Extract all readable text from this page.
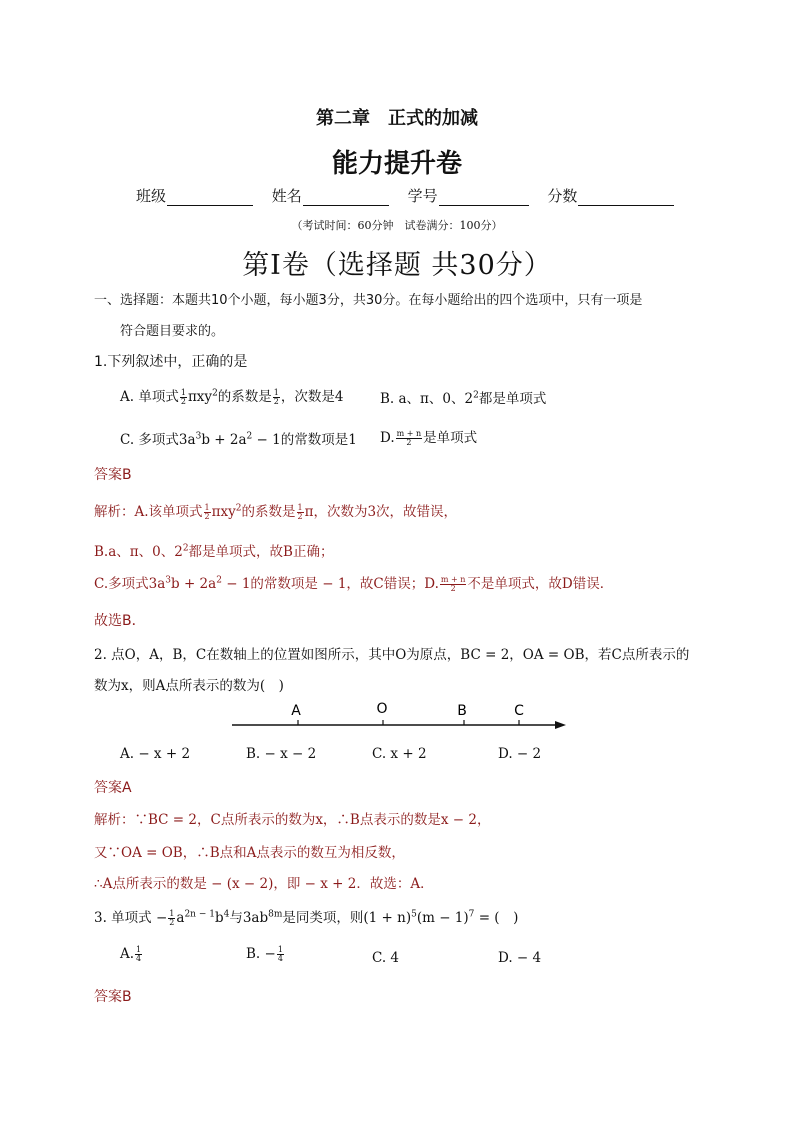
第二章　正式的加减
能力提升卷
班级	姓名	学号	分数
（考试时间：60分钟　试卷满分：100分）
第Ⅰ卷（选择题 共30分）
一、选择题：本题共10个小题，每小题3分，共30分。在每小题给出的四个选项中，只有一项是
符合题目要求的。
1.下列叙述中，正确的是
A. 单项式 $\frac{1}{2} \pi xy^2$的系数是 $\frac{1}{2}$ ，次数是4	B. a、π、0、$2^2$都是单项式
C. 多项式$3a^3b + 2a^2 - 1$的常数项是1 D. $\frac{m + n}{2}$ 是单项式
答案B
解析：A.该单项式 $\frac{1}{2} \pi xy^2$的系数是 $\frac{1}{2}$ π，次数为3次，故错误，
B.a、π、0、$2^2$都是单项式，故B正确；
C.多项式$3a^3b + 2a^2 - 1$的常数项是 − 1，故C错误；D. $\frac{m + n}{2}$ 不是单项式，故D错误．
故选B．
2. 点O，A，B，C在数轴上的位置如图所示，其中O为原点，BC = 2，OA = OB，若C点所表示的
数为x，则A点所表示的数为(　)
A	O	B	C
A. − x + 2	B. − x − 2	C. x + 2	D. − 2
答案A
解析：∵BC = 2，C点所表示的数为x，∴B点表示的数是x − 2，
又∵OA = OB，∴B点和A点表示的数互为相反数，
∴A点所表示的数是 − (x − 2)，即 − x + 2．故选：A．
3. 单项式 − $\frac{1}{2} a^{2n - 1}b^4$与$3ab^{8m}$是同类项，则$(1 + n)^5(m - 1)^7$ = (　)
A. $\frac{1}{4}$	B. − $\frac{1}{4}$	C. 4	D. − 4
答案B
